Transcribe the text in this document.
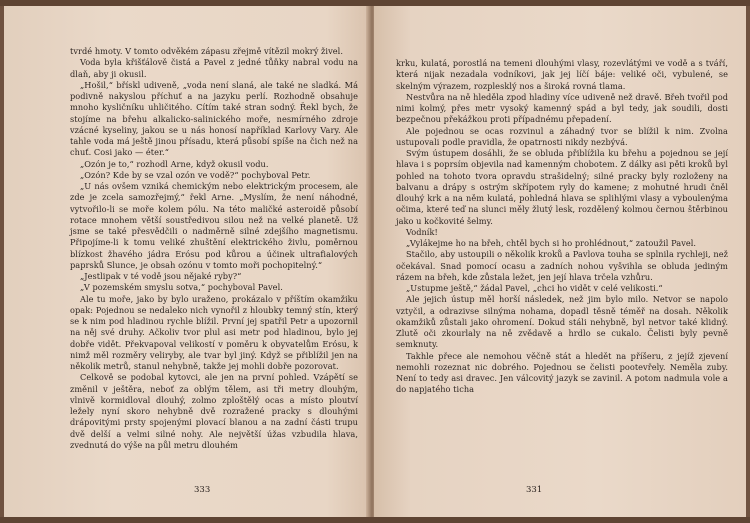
tvrdé hmoty. V tomto odvěkém zápasu zřejmě vítězil mokrý živel.

Voda byla křišťálově čistá a Pavel z jedné tůňky nabral vodu na dlaň, aby ji okusil.

„Hošil,“ břískl udiveně, „voda není slaná, ale také ne sladká. Má podivně nakyslou příchuť a na jazyku perlí. Rozhodně obsahuje mnoho kysličníku uhličitého. Cítím také stran sodný. Řekl bych, že stojíme na břehu alkalicko-salinického moře, nesmírného zdroje vzácné kyseliny, jakou se u nás honosí například Karlovy Vary. Ale tahle voda má ještě jinou přísadu, která působí spíše na čich než na chuť. Cosi jako — éter.“

„Ozón je to,“ rozhodl Arne, když okusil vodu.

„Ozón? Kde by se vzal ozón ve vodě?“ pochyboval Petr.

„U nás ovšem vzniká chemickým nebo elektrickým procesem, ale zde je zcela samozřejmý,“ řekl Arne. „Myslím, že není náhodné, vytvořilo-li se moře kolem pólu. Na této maličké asteroidě působí rotace mnohem větší soustředivou silou než na velké planetě. Už jsme se také přesvědčili o nadměrně silné zdejšího magnetismu. Připojíme-li k tomu veliké zhuštění elektrického živlu, poměrnou blízkost žhavého jádra Erósu pod kůrou a účinek ultrafialových paprsků Slunce, je obsah ozónu v tomto moři pochopitelný.“

„Jestlipak v té vodě jsou nějaké ryby?“

„V pozemském smyslu sotva,“ pochyboval Pavel.

Ale tu moře, jako by bylo uraženo, prokázalo v příštím okamžiku opak: Pojednou se nedaleko nich vynořil z hloubky temný stín, který se k nim pod hladinou rychle blížil. První jej spatřil Petr a upozornil na něj své druhy. Ačkoliv tvor plul asi metr pod hladinou, bylo jej dobře vidět. Překvapoval velikostí v poměru k obyvatelům Erósu, k nimž měl rozměry veliryby, ale tvar byl jiný. Když se přiblížil jen na několik metrů, stanul nehybně, takže jej mohli dobře pozorovat.

Celkově se podobal kytovci, ale jen na první pohled. Vzápětí se změnil v ještěra, neboť za oblým tělem, asi tři metry dlouhým, vlnivě kormidloval dlouhý, zolmo zploštělý ocas a místo ploutví ležely nyní skoro nehybně dvě rozražené pracky s dlouhými drápovitými prsty spojenými plovací blanou a na zadní části trupu dvě delší a velmi silné nohy. Ale největší úžas vzbudila hlava, zvednutá do výše na půl metru dlouhém

333

krku, kulatá, porostlá na temeni dlouhými vlasy, rozevlátými ve vodě a s tváří, která nijak nezadala vodníkovi, jak jej líčí báje: veliké oči, vybulené, se skelným výrazem, rozplesklý nos a široká rovná tlama.

Nestvůra na ně hleděla zpod hladiny více udiveně než dravě. Břeh tvořil pod nimi kolmý, přes metr vysoký kamenný spád a byl tedy, jak soudili, dosti bezpečnou překážkou proti případnému přepadení.

Ale pojednou se ocas rozvinul a záhadný tvor se blížil k nim. Zvolna ustupovali podle pravidla, že opatrnosti nikdy nezbývá.

Svým ústupem dosáhli, že se obluda přiblížila ku břehu a pojednou se její hlava i s poprsím objevila nad kamenným chobotem. Z dálky asi pěti kroků byl pohled na tohoto tvora opravdu strašidelný; silné pracky byly rozloženy na balvanu a drápy s ostrým skřípotem ryly do kamene; z mohutné hrudi čněl dlouhý krk a na něm kulatá, pohledná hlava se splihlými vlasy a vyboulenýma očima, které teď na slunci měly žlutý lesk, rozdělený kolmou černou štěrbinou jako u kočkovité šelmy.

Vodník!

„Vylákejme ho na břeh, chtěl bych si ho prohlédnout,“ zatoužil Pavel.

Stačilo, aby ustoupili o několik kroků a Pavlova touha se splnila rychleji, než očekával. Snad pomocí ocasu a zadních nohou vyšvihla se obluda jediným rázem na břeh, kde zůstala ležet, jen její hlava trčela vzhůru.

„Ustupme ještě,“ žádal Pavel, „chci ho vidět v celé velikosti.“

Ale jejich ústup měl horší následek, než jim bylo milo. Netvor se napolo vztyčil, a odrazivse silnýma nohama, dopadl těsně téměř na dosah. Několik okamžiků zůstali jako ohromení. Dokud stáli nehybně, byl netvor také klidný. Zlutě oči zkourlaly na ně zvědavě a hrdlo se cukalo. Čelisti byly pevně semknuty.

Takhle přece ale nemohou věčně stát a hledět na příšeru, z jejíž zjevení nemohli rozeznat nic dobrého. Pojednou se čelisti pootevřely. Neměla zuby. Není to tedy asi dravec. Jen válcovitý jazyk se zavinil. A potom nadmula vole a do napjatého ticha

331
